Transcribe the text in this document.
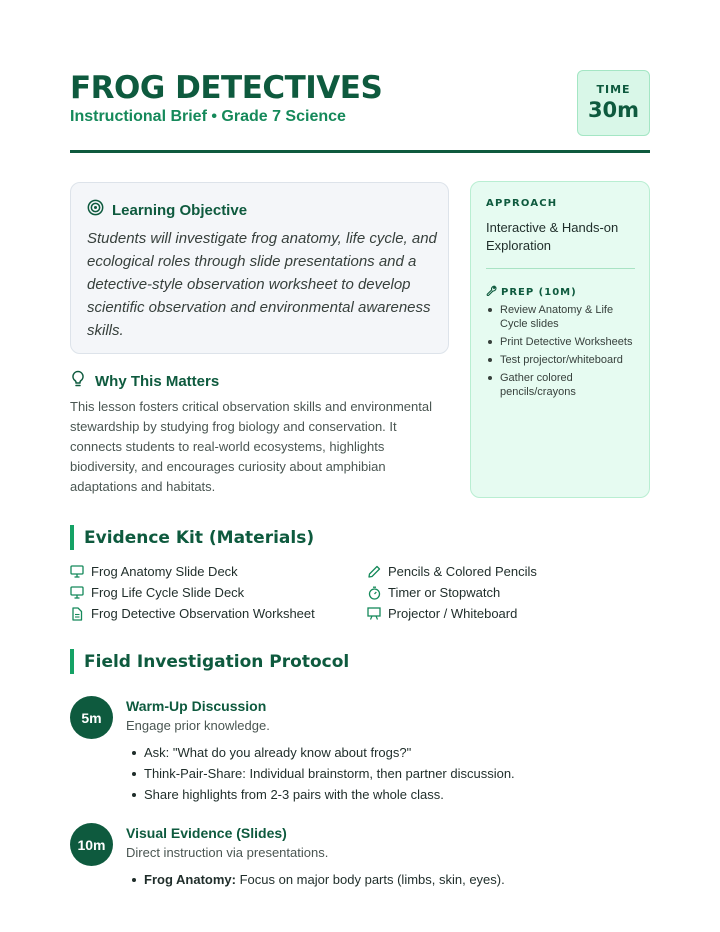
FROG DETECTIVES
Instructional Brief • Grade 7 Science
TIME
30m
Learning Objective
Students will investigate frog anatomy, life cycle, and ecological roles through slide presentations and a detective-style observation worksheet to develop scientific observation and environmental awareness skills.
Why This Matters
This lesson fosters critical observation skills and environmental stewardship by studying frog biology and conservation. It connects students to real-world ecosystems, highlights biodiversity, and encourages curiosity about amphibian adaptations and habitats.
APPROACH
Interactive & Hands-on Exploration
PREP (10M)
Review Anatomy & Life Cycle slides
Print Detective Worksheets
Test projector/whiteboard
Gather colored pencils/crayons
Evidence Kit (Materials)
Frog Anatomy Slide Deck
Frog Life Cycle Slide Deck
Frog Detective Observation Worksheet
Pencils & Colored Pencils
Timer or Stopwatch
Projector / Whiteboard
Field Investigation Protocol
5m
Warm-Up Discussion
Engage prior knowledge.
Ask: "What do you already know about frogs?"
Think-Pair-Share: Individual brainstorm, then partner discussion.
Share highlights from 2-3 pairs with the whole class.
10m
Visual Evidence (Slides)
Direct instruction via presentations.
Frog Anatomy: Focus on major body parts (limbs, skin, eyes).
